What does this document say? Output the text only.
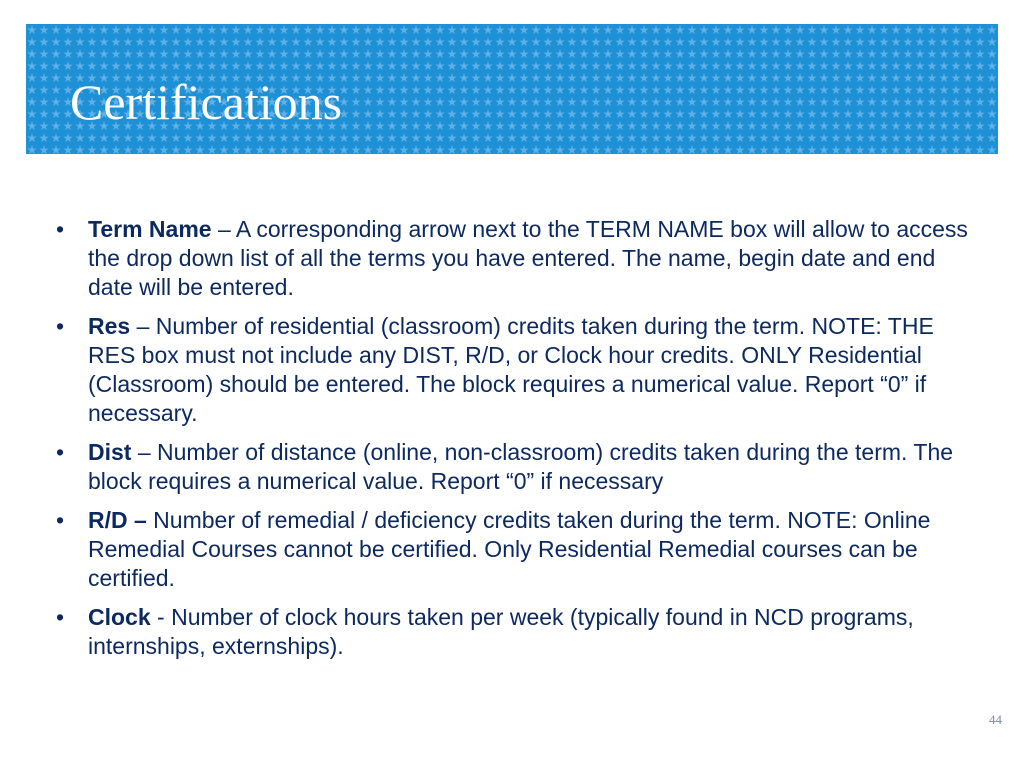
Certifications
• Term Name – A corresponding arrow next to the TERM NAME box will allow to access the drop down list of all the terms you have entered. The name, begin date and end date will be entered.
• Res – Number of residential (classroom) credits taken during the term. NOTE: THE RES box must not include any DIST, R/D, or Clock hour credits. ONLY Residential (Classroom) should be entered. The block requires a numerical value. Report “0” if necessary.
• Dist – Number of distance (online, non-classroom) credits taken during the term. The block requires a numerical value. Report “0” if necessary
• R/D – Number of remedial / deficiency credits taken during the term. NOTE: Online Remedial Courses cannot be certified. Only Residential Remedial courses can be certified.
• Clock - Number of clock hours taken per week (typically found in NCD programs, internships, externships).
44
